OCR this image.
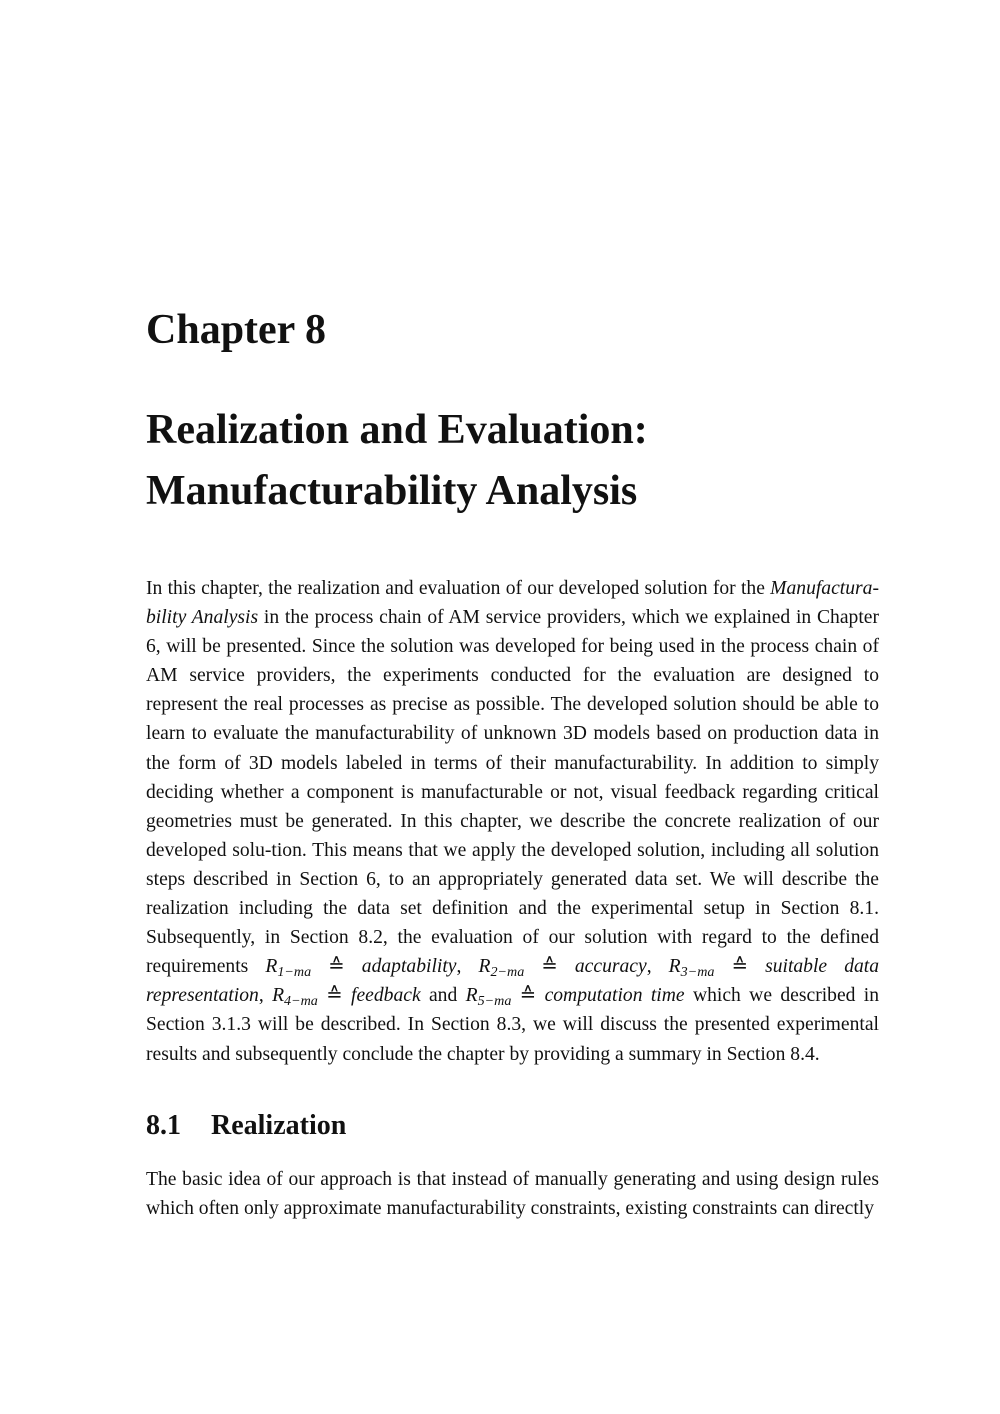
Chapter 8
Realization and Evaluation:
Manufacturability Analysis

In this chapter, the realization and evaluation of our developed solution for the Manufactura-bility Analysis in the process chain of AM service providers, which we explained in Chapter 6, will be presented. Since the solution was developed for being used in the process chain of AM service providers, the experiments conducted for the evaluation are designed to represent the real processes as precise as possible. The developed solution should be able to learn to evaluate the manufacturability of unknown 3D models based on production data in the form of 3D models labeled in terms of their manufacturability. In addition to simply deciding whether a component is manufacturable or not, visual feedback regarding critical geometries must be generated. In this chapter, we describe the concrete realization of our developed solu-tion. This means that we apply the developed solution, including all solution steps described in Section 6, to an appropriately generated data set. We will describe the realization including the data set definition and the experimental setup in Section 8.1. Subsequently, in Section 8.2, the evaluation of our solution with regard to the defined requirements $R_{1-ma}$ ≙ adaptability, $R_{2-ma}$ ≙ accuracy, $R_{3-ma}$ ≙ suitable data representation, $R_{4-ma}$ ≙ feedback and $R_{5-ma}$ ≙ computation time which we described in Section 3.1.3 will be described. In Section 8.3, we will discuss the presented experimental results and subsequently conclude the chapter by providing a summary in Section 8.4.

8.1 Realization

The basic idea of our approach is that instead of manually generating and using design rules which often only approximate manufacturability constraints, existing constraints can directly
